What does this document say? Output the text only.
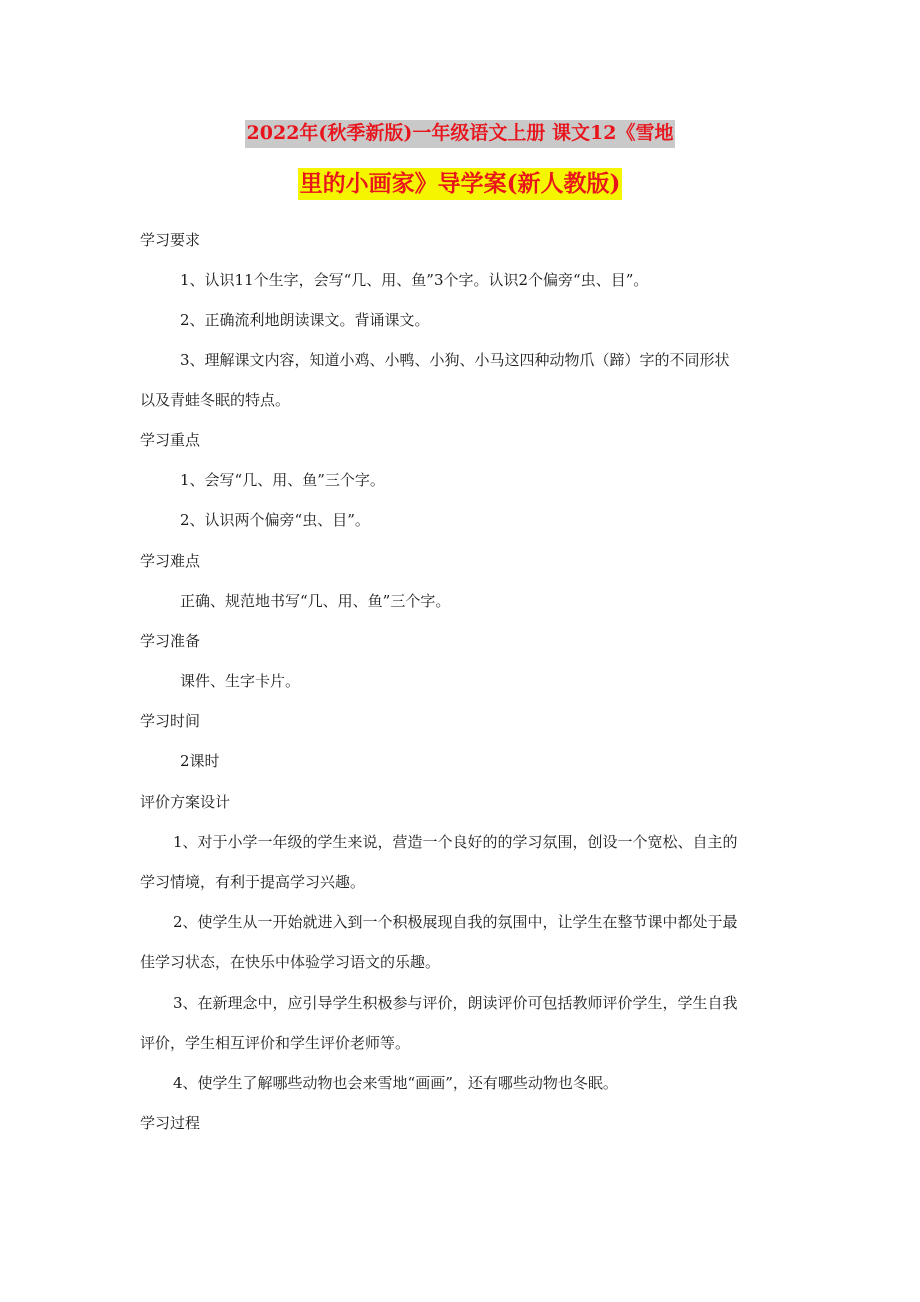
2022年(秋季新版)一年级语文上册 课文12《雪地
里的小画家》导学案(新人教版)
学习要求
1、认识11个生字，会写“几、用、鱼”3个字。认识2个偏旁“虫、目”。
2、正确流利地朗读课文。背诵课文。
3、理解课文内容，知道小鸡、小鸭、小狗、小马这四种动物爪（蹄）字的不同形状
以及青蛙冬眠的特点。
学习重点
1、会写“几、用、鱼”三个字。
2、认识两个偏旁“虫、目”。
学习难点
正确、规范地书写“几、用、鱼”三个字。
学习准备
课件、生字卡片。
学习时间
2课时
评价方案设计
1、对于小学一年级的学生来说，营造一个良好的的学习氛围，创设一个宽松、自主的
学习情境，有利于提高学习兴趣。
2、使学生从一开始就进入到一个积极展现自我的氛围中，让学生在整节课中都处于最
佳学习状态，在快乐中体验学习语文的乐趣。
3、在新理念中，应引导学生积极参与评价，朗读评价可包括教师评价学生，学生自我
评价，学生相互评价和学生评价老师等。
4、使学生了解哪些动物也会来雪地“画画”，还有哪些动物也冬眠。
学习过程
